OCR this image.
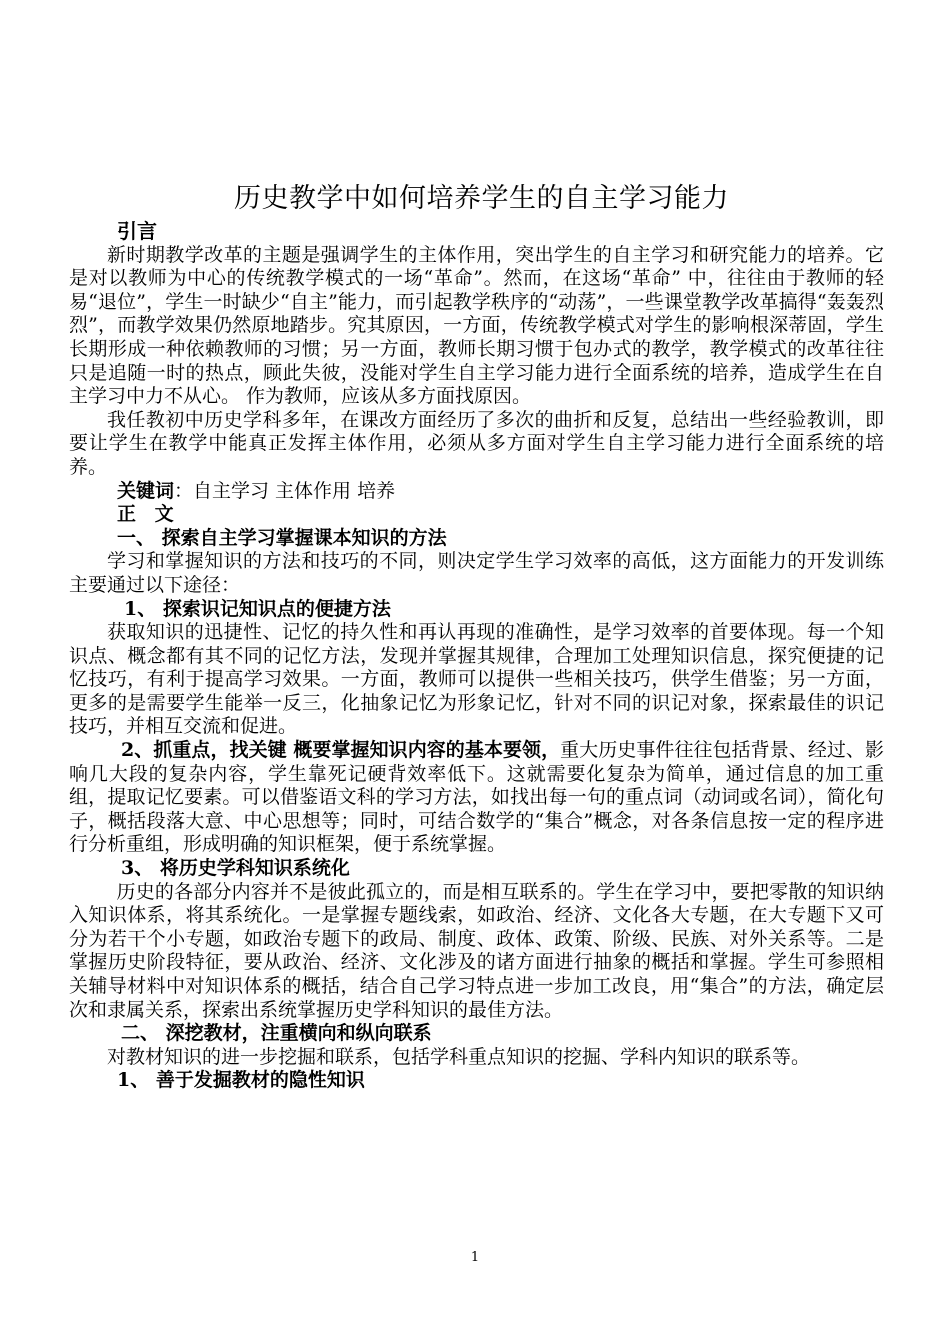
历史教学中如何培养学生的自主学习能力

引言

新时期教学改革的主题是强调学生的主体作用，突出学生的自主学习和研究能力的培养。它是对以教师为中心的传统教学模式的一场“革命”。然而，在这场“革命” 中，往往由于教师的轻易“退位”，学生一时缺少“自主”能力，而引起教学秩序的“动荡”，一些课堂教学改革搞得“轰轰烈烈”，而教学效果仍然原地踏步。究其原因，一方面，传统教学模式对学生的影响根深蒂固，学生长期形成一种依赖教师的习惯；另一方面，教师长期习惯于包办式的教学，教学模式的改革往往只是追随一时的热点，顾此失彼，没能对学生自主学习能力进行全面系统的培养，造成学生在自主学习中力不从心。 作为教师，应该从多方面找原因。

我任教初中历史学科多年，在课改方面经历了多次的曲折和反复，总结出一些经验教训，即要让学生在教学中能真正发挥主体作用，必须从多方面对学生自主学习能力进行全面系统的培养。

关键词：自主学习 主体作用 培养

正 文

一、 探索自主学习掌握课本知识的方法

学习和掌握知识的方法和技巧的不同，则决定学生学习效率的高低，这方面能力的开发训练主要通过以下途径：

1、 探索识记知识点的便捷方法

获取知识的迅捷性、记忆的持久性和再认再现的准确性，是学习效率的首要体现。每一个知识点、概念都有其不同的记忆方法，发现并掌握其规律，合理加工处理知识信息，探究便捷的记忆技巧，有利于提高学习效果。一方面，教师可以提供一些相关技巧，供学生借鉴；另一方面，更多的是需要学生能举一反三，化抽象记忆为形象记忆，针对不同的识记对象，探索最佳的识记技巧，并相互交流和促进。

2、抓重点，找关键 概要掌握知识内容的基本要领，重大历史事件往往包括背景、经过、影响几大段的复杂内容，学生靠死记硬背效率低下。这就需要化复杂为简单，通过信息的加工重组，提取记忆要素。可以借鉴语文科的学习方法，如找出每一句的重点词（动词或名词），简化句子，概括段落大意、中心思想等；同时，可结合数学的“集合”概念，对各条信息按一定的程序进行分析重组，形成明确的知识框架，便于系统掌握。

3、 将历史学科知识系统化

历史的各部分内容并不是彼此孤立的，而是相互联系的。学生在学习中，要把零散的知识纳入知识体系，将其系统化。一是掌握专题线索，如政治、经济、文化各大专题，在大专题下又可分为若干个小专题，如政治专题下的政局、制度、政体、政策、阶级、民族、对外关系等。二是掌握历史阶段特征，要从政治、经济、文化涉及的诸方面进行抽象的概括和掌握。学生可参照相关辅导材料中对知识体系的概括，结合自己学习特点进一步加工改良，用“集合”的方法，确定层次和隶属关系，探索出系统掌握历史学科知识的最佳方法。

二、 深挖教材，注重横向和纵向联系

对教材知识的进一步挖掘和联系，包括学科重点知识的挖掘、学科内知识的联系等。

1、 善于发掘教材的隐性知识

1
